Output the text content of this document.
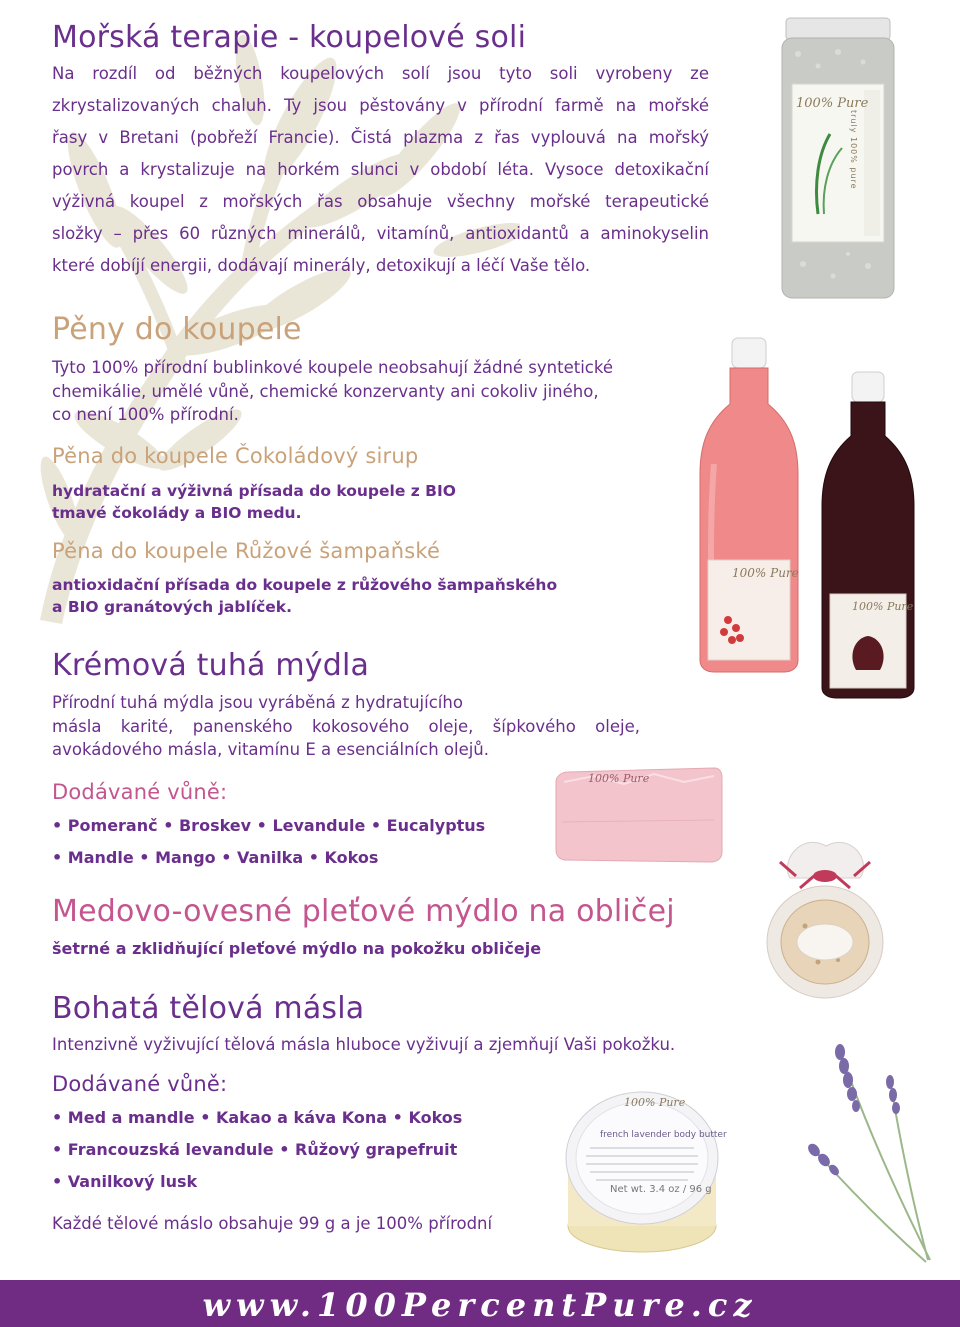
Mořská terapie - koupelové soli
Na rozdíl od běžných koupelových solí jsou tyto soli vyrobeny ze
zkrystalizovaných chaluh. Ty jsou pěstovány v přírodní farmě na mořské
řasy v Bretani (pobřeží Francie). Čistá plazma z řas vyplouvá na mořský
povrch a krystalizuje na horkém slunci v období léta. Vysoce detoxikační
výživná koupel z mořských řas obsahuje všechny mořské terapeutické
složky – přes 60 různých minerálů, vitamínů, antioxidantů a aminokyselin
které dobíjí energii, dodávají minerály, detoxikují a léčí Vaše tělo.
100% Pure
truly 100% pure
Pěny do koupele
Tyto 100% přírodní bublinkové koupele neobsahují žádné syntetické
chemikálie, umělé vůně, chemické konzervanty ani cokoliv jiného,
co není 100% přírodní.
Pěna do koupele Čokoládový sirup
hydratační a výživná přísada do koupele z BIO
tmavé čokolády a BIO medu.
Pěna do koupele Růžové šampaňské
antioxidační přísada do koupele z růžového šampaňského
a BIO granátových jablíček.
100% Pure
100% Pure
Krémová tuhá mýdla
Přírodní tuhá mýdla jsou vyráběná z hydratujícího
másla karité, panenského kokosového oleje, šípkového oleje,
avokádového másla, vitamínu E a esenciálních olejů.
Dodávané vůně:
• Pomeranč • Broskev • Levandule • Eucalyptus
• Mandle • Mango • Vanilka • Kokos
100% Pure
Medovo-ovesné pleťové mýdlo na obličej
šetrné a zklidňující pleťové mýdlo na pokožku obličeje
Bohatá tělová másla
Intenzivně vyživující tělová másla hluboce vyživují a zjemňují Vaši pokožku.
Dodávané vůně:
• Med a mandle • Kakao a káva Kona • Kokos
• Francouzská levandule • Růžový grapefruit
• Vanilkový lusk
Každé tělové máslo obsahuje 99 g a je 100% přírodní
100% Pure
french lavender body butter
Net wt. 3.4 oz / 96 g
www.100PercentPure.cz
